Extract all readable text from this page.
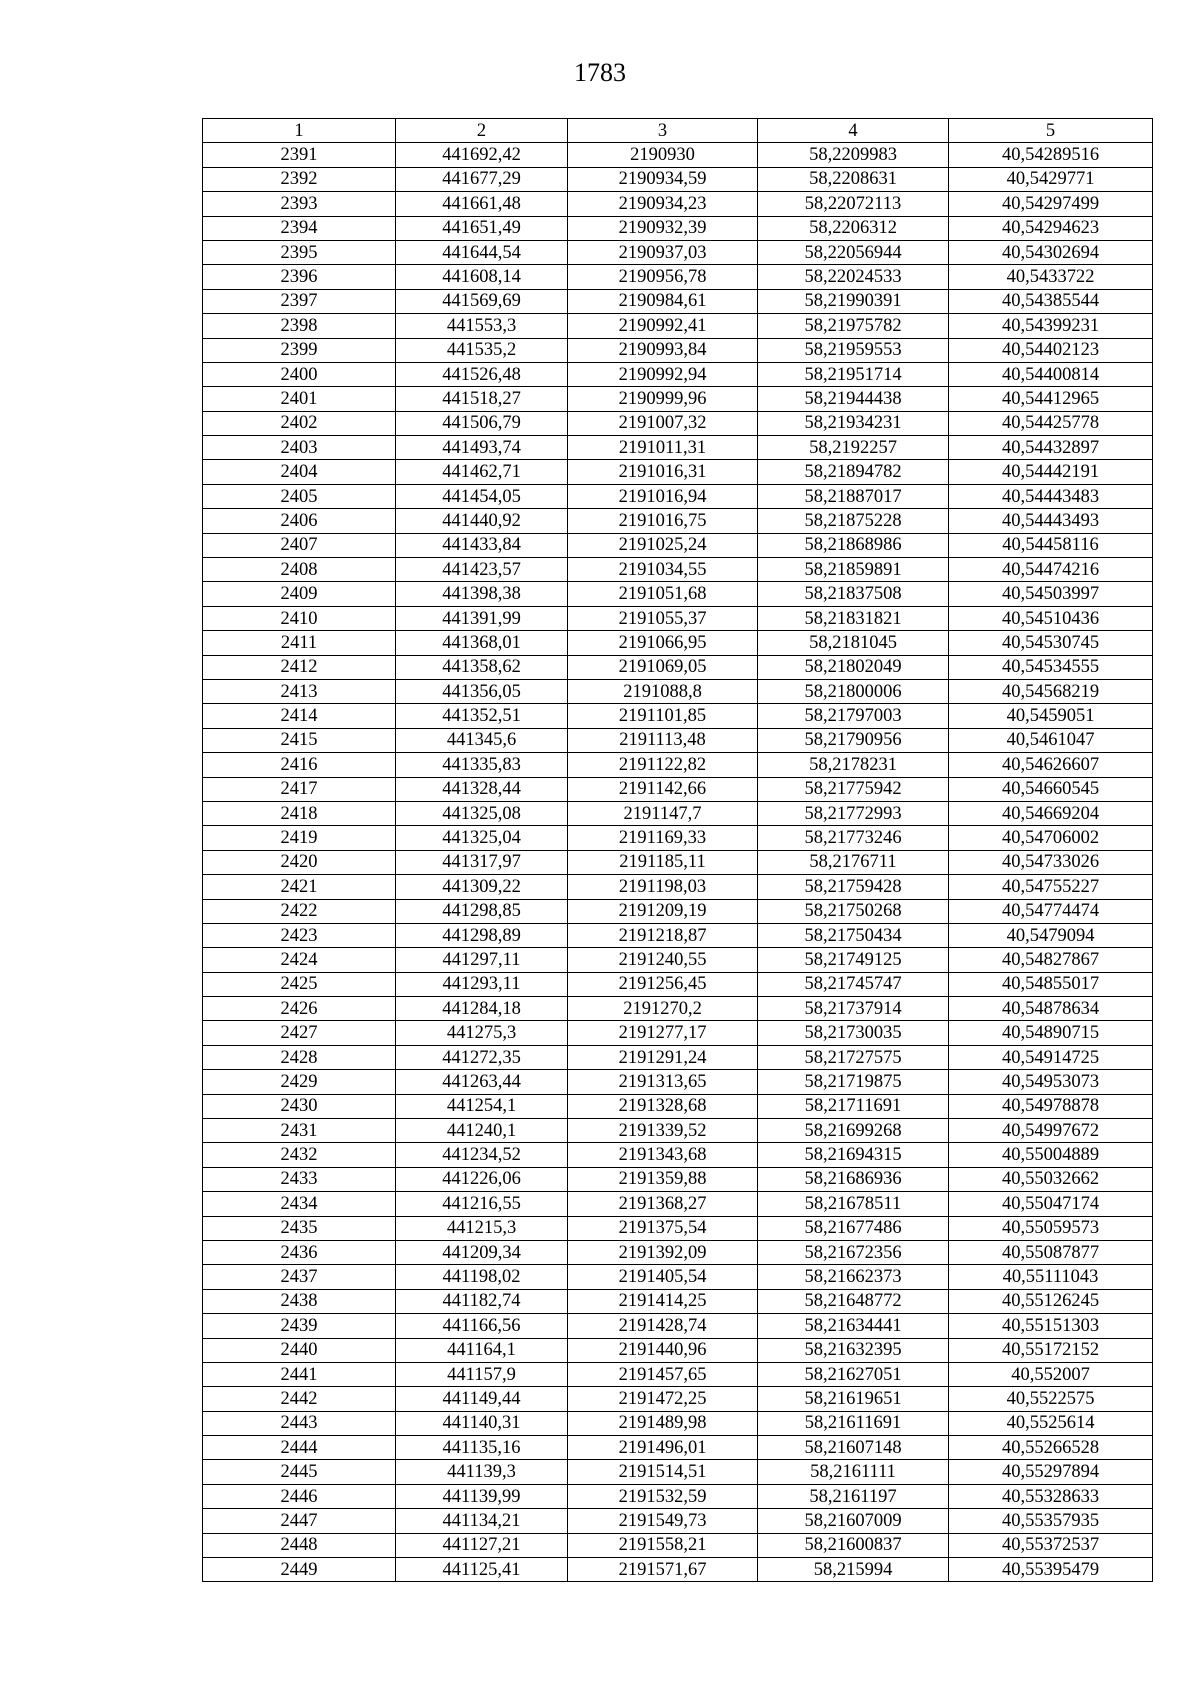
1783
1	2	3	4	5
2391	441692,42	2190930	58,2209983	40,54289516
2392	441677,29	2190934,59	58,2208631	40,5429771
2393	441661,48	2190934,23	58,22072113	40,54297499
2394	441651,49	2190932,39	58,2206312	40,54294623
2395	441644,54	2190937,03	58,22056944	40,54302694
2396	441608,14	2190956,78	58,22024533	40,5433722
2397	441569,69	2190984,61	58,21990391	40,54385544
2398	441553,3	2190992,41	58,21975782	40,54399231
2399	441535,2	2190993,84	58,21959553	40,54402123
2400	441526,48	2190992,94	58,21951714	40,54400814
2401	441518,27	2190999,96	58,21944438	40,54412965
2402	441506,79	2191007,32	58,21934231	40,54425778
2403	441493,74	2191011,31	58,2192257	40,54432897
2404	441462,71	2191016,31	58,21894782	40,54442191
2405	441454,05	2191016,94	58,21887017	40,54443483
2406	441440,92	2191016,75	58,21875228	40,54443493
2407	441433,84	2191025,24	58,21868986	40,54458116
2408	441423,57	2191034,55	58,21859891	40,54474216
2409	441398,38	2191051,68	58,21837508	40,54503997
2410	441391,99	2191055,37	58,21831821	40,54510436
2411	441368,01	2191066,95	58,2181045	40,54530745
2412	441358,62	2191069,05	58,21802049	40,54534555
2413	441356,05	2191088,8	58,21800006	40,54568219
2414	441352,51	2191101,85	58,21797003	40,5459051
2415	441345,6	2191113,48	58,21790956	40,5461047
2416	441335,83	2191122,82	58,2178231	40,54626607
2417	441328,44	2191142,66	58,21775942	40,54660545
2418	441325,08	2191147,7	58,21772993	40,54669204
2419	441325,04	2191169,33	58,21773246	40,54706002
2420	441317,97	2191185,11	58,2176711	40,54733026
2421	441309,22	2191198,03	58,21759428	40,54755227
2422	441298,85	2191209,19	58,21750268	40,54774474
2423	441298,89	2191218,87	58,21750434	40,5479094
2424	441297,11	2191240,55	58,21749125	40,54827867
2425	441293,11	2191256,45	58,21745747	40,54855017
2426	441284,18	2191270,2	58,21737914	40,54878634
2427	441275,3	2191277,17	58,21730035	40,54890715
2428	441272,35	2191291,24	58,21727575	40,54914725
2429	441263,44	2191313,65	58,21719875	40,54953073
2430	441254,1	2191328,68	58,21711691	40,54978878
2431	441240,1	2191339,52	58,21699268	40,54997672
2432	441234,52	2191343,68	58,21694315	40,55004889
2433	441226,06	2191359,88	58,21686936	40,55032662
2434	441216,55	2191368,27	58,21678511	40,55047174
2435	441215,3	2191375,54	58,21677486	40,55059573
2436	441209,34	2191392,09	58,21672356	40,55087877
2437	441198,02	2191405,54	58,21662373	40,55111043
2438	441182,74	2191414,25	58,21648772	40,55126245
2439	441166,56	2191428,74	58,21634441	40,55151303
2440	441164,1	2191440,96	58,21632395	40,55172152
2441	441157,9	2191457,65	58,21627051	40,552007
2442	441149,44	2191472,25	58,21619651	40,5522575
2443	441140,31	2191489,98	58,21611691	40,5525614
2444	441135,16	2191496,01	58,21607148	40,55266528
2445	441139,3	2191514,51	58,2161111	40,55297894
2446	441139,99	2191532,59	58,2161197	40,55328633
2447	441134,21	2191549,73	58,21607009	40,55357935
2448	441127,21	2191558,21	58,21600837	40,55372537
2449	441125,41	2191571,67	58,215994	40,55395479
